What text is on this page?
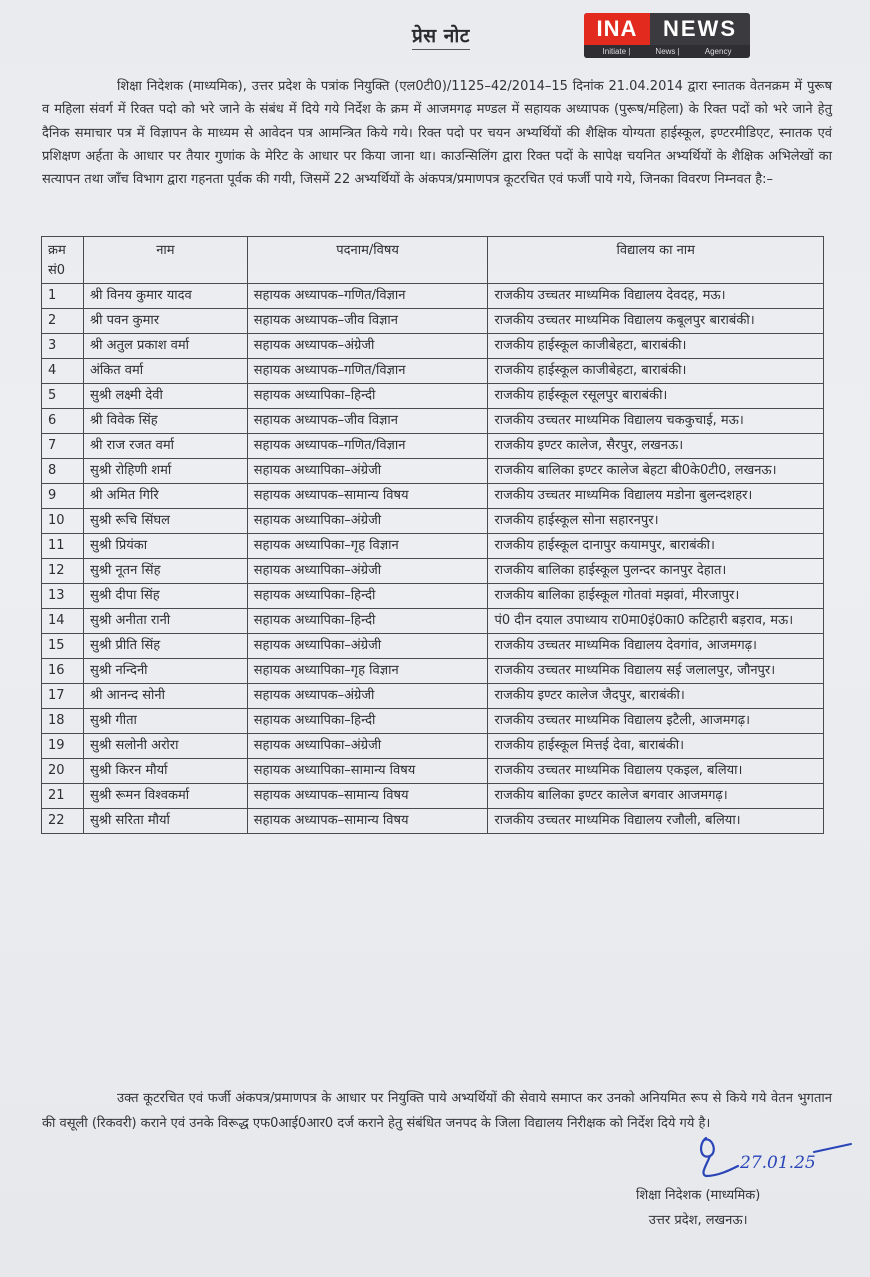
प्रेस नोट	INA	NEWS
Initiate |	News |	Agency

शिक्षा निदेशक (माध्यमिक), उत्तर प्रदेश के पत्रांक नियुक्ति (एल0टी0)/1125–42/2014–15 दिनांक 21.04.2014 द्वारा स्नातक वेतनक्रम में पुरूष व महिला संवर्ग में रिक्त पदो को भरे जाने के संबंध में दिये गये निर्देश के क्रम में आजमगढ़ मण्डल में सहायक अध्यापक (पुरूष/महिला) के रिक्त पदों को भरे जाने हेतु दैनिक समाचार पत्र में विज्ञापन के माध्यम से आवेदन पत्र आमन्त्रित किये गये। रिक्त पदो पर चयन अभ्यर्थियों की शैक्षिक योग्यता हाईस्कूल, इण्टरमीडिएट, स्नातक एवं प्रशिक्षण अर्हता के आधार पर तैयार गुणांक के मेरिट के आधार पर किया जाना था। काउन्सिलिंग द्वारा रिक्त पदों के सापेक्ष चयनित अभ्यर्थियों के शैक्षिक अभिलेखों का सत्यापन तथा जाँच विभाग द्वारा गहनता पूर्वक की गयी, जिसमें 22 अभ्यर्थियों के अंकपत्र/प्रमाणपत्र कूटरचित एवं फर्जी पाये गये, जिनका विवरण निम्नवत है:–

क्रम सं0	नाम	पदनाम/विषय	विद्यालय का नाम
1	श्री विनय कुमार यादव	सहायक अध्यापक–गणित/विज्ञान	राजकीय उच्चतर माध्यमिक विद्यालय देवदह, मऊ।
2	श्री पवन कुमार	सहायक अध्यापक–जीव विज्ञान	राजकीय उच्चतर माध्यमिक विद्यालय कबूलपुर बाराबंकी।
3	श्री अतुल प्रकाश वर्मा	सहायक अध्यापक–अंग्रेजी	राजकीय हाईस्कूल काजीबेहटा, बाराबंकी।
4	अंकित वर्मा	सहायक अध्यापक–गणित/विज्ञान	राजकीय हाईस्कूल काजीबेहटा, बाराबंकी।
5	सुश्री लक्ष्मी देवी	सहायक अध्यापिका–हिन्दी	राजकीय हाईस्कूल रसूलपुर बाराबंकी।
6	श्री विवेक सिंह	सहायक अध्यापक–जीव विज्ञान	राजकीय उच्चतर माध्यमिक विद्यालय चककुचाई, मऊ।
7	श्री राज रजत वर्मा	सहायक अध्यापक–गणित/विज्ञान	राजकीय इण्टर कालेज, सैरपुर, लखनऊ।
8	सुश्री रोहिणी शर्मा	सहायक अध्यापिका–अंग्रेजी	राजकीय बालिका इण्टर कालेज बेहटा बी0के0टी0, लखनऊ।
9	श्री अमित गिरि	सहायक अध्यापक–सामान्य विषय	राजकीय उच्चतर माध्यमिक विद्यालय मडोना बुलन्दशहर।
10	सुश्री रूचि सिंघल	सहायक अध्यापिका–अंग्रेजी	राजकीय हाईस्कूल सोना सहारनपुर।
11	सुश्री प्रियंका	सहायक अध्यापिका–गृह विज्ञान	राजकीय हाईस्कूल दानापुर कयामपुर, बाराबंकी।
12	सुश्री नूतन सिंह	सहायक अध्यापिका–अंग्रेजी	राजकीय बालिका हाईस्कूल पुलन्दर कानपुर देहात।
13	सुश्री दीपा सिंह	सहायक अध्यापिका–हिन्दी	राजकीय बालिका हाईस्कूल गोतवां मझवां, मीरजापुर।
14	सुश्री अनीता रानी	सहायक अध्यापिका–हिन्दी	पं0 दीन दयाल उपाध्याय रा0मा0इं0का0 कटिहारी बड़राव, मऊ।
15	सुश्री प्रीति सिंह	सहायक अध्यापिका–अंग्रेजी	राजकीय उच्चतर माध्यमिक विद्यालय देवगांव, आजमगढ़।
16	सुश्री नन्दिनी	सहायक अध्यापिका–गृह विज्ञान	राजकीय उच्चतर माध्यमिक विद्यालय सई जलालपुर, जौनपुर।
17	श्री आनन्द सोनी	सहायक अध्यापक–अंग्रेजी	राजकीय इण्टर कालेज जैदपुर, बाराबंकी।
18	सुश्री गीता	सहायक अध्यापिका–हिन्दी	राजकीय उच्चतर माध्यमिक विद्यालय इटैली, आजमगढ़।
19	सुश्री सलोनी अरोरा	सहायक अध्यापिका–अंग्रेजी	राजकीय हाईस्कूल मित्तई देवा, बाराबंकी।
20	सुश्री किरन मौर्या	सहायक अध्यापिका–सामान्य विषय	राजकीय उच्चतर माध्यमिक विद्यालय एकइल, बलिया।
21	सुश्री रूमन विश्वकर्मा	सहायक अध्यापक–सामान्य विषय	राजकीय बालिका इण्टर कालेज बगवार आजमगढ़।
22	सुश्री सरिता मौर्या	सहायक अध्यापक–सामान्य विषय	राजकीय उच्चतर माध्यमिक विद्यालय रजौली, बलिया।

उक्त कूटरचित एवं फर्जी अंकपत्र/प्रमाणपत्र के आधार पर नियुक्ति पाये अभ्यर्थियों की सेवाये समाप्त कर उनको अनियमित रूप से किये गये वेतन भुगतान की वसूली (रिकवरी) कराने एवं उनके विरूद्ध एफ0आई0आर0 दर्ज कराने हेतु संबंधित जनपद के जिला विद्यालय निरीक्षक को निर्देश दिये गये है।

27.01.25
शिक्षा निदेशक (माध्यमिक)
उत्तर प्रदेश, लखनऊ।
